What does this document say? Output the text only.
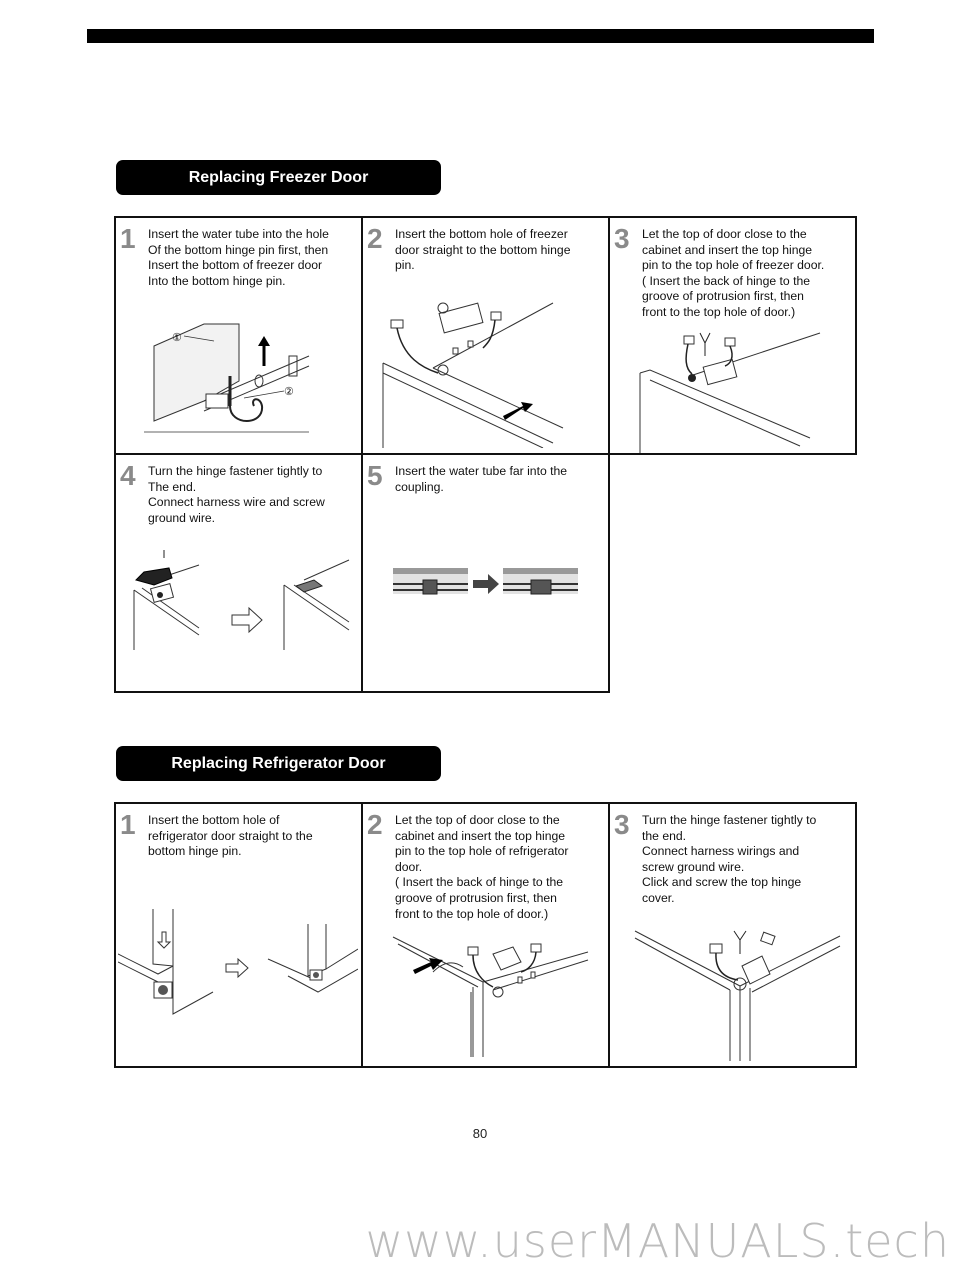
Replacing Freezer Door
1 Insert the water tube into the hole
Of the bottom hinge pin first, then
Insert the bottom of freezer door
Into the bottom hinge pin.
①
②
2 Insert the bottom hole of freezer
door straight to the bottom hinge
pin.
3 Let the top of door close to the
cabinet and insert the top hinge
pin to the top hole of freezer door.
( Insert the back of hinge to the
groove of protrusion first, then
front to the top hole of door.)
4 Turn the hinge fastener tightly to
The end.
Connect harness wire and screw
ground wire.
5 Insert the water tube far into the
coupling.
Replacing Refrigerator Door
1 Insert the bottom hole of
refrigerator door straight to the
bottom hinge pin.
2 Let the top of door close to the
cabinet and insert the top hinge
pin to the top hole of refrigerator
door.
( Insert the back of hinge to the
groove of protrusion first, then
front to the top hole of door.)
3 Turn the hinge fastener tightly to
the end.
Connect harness wirings and
screw ground wire.
Click and screw the top hinge
cover.
80
www.userMANUALS.tech
